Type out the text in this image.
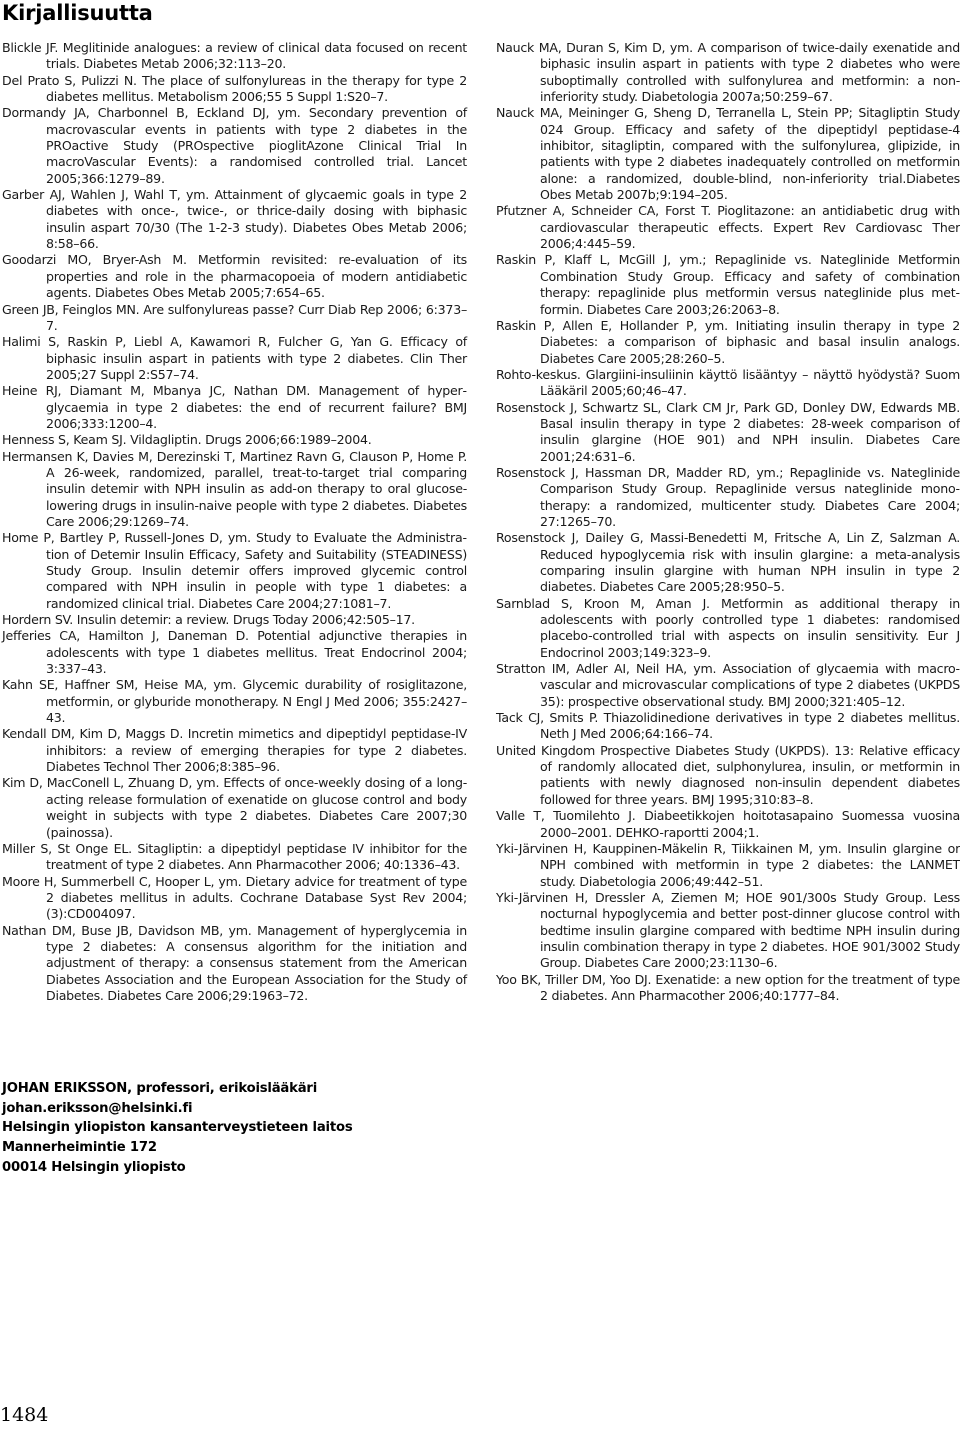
Kirjallisuutta

Blickle JF. Meglitinide analogues: a review of clinical data focused on recent trials. Diabetes Metab 2006;32:113–20.

Del Prato S, Pulizzi N. The place of sulfonylureas in the therapy for type 2 diabetes mellitus. Metabolism 2006;55 5 Suppl 1:S20–7.

Dormandy JA, Charbonnel B, Eckland DJ, ym. Secondary prevention of macrovascular events in patients with type 2 diabetes in the PROactive Study (PROspective pioglitAzone Clinical Trial In macroVascular Events): a randomised controlled trial. Lancet 2005;366:1279–89.

Garber AJ, Wahlen J, Wahl T, ym. Attainment of glycaemic goals in type 2 diabetes with once-, twice-, or thrice-daily dosing with biphasic insulin aspart 70/30 (The 1-2-3 study). Diabetes Obes Metab 2006; 8:58–66.

Goodarzi MO, Bryer-Ash M. Metformin revisited: re-evaluation of its properties and role in the pharmacopoeia of modern antidiabetic agents. Diabetes Obes Metab 2005;7:654–65.

Green JB, Feinglos MN. Are sulfonylureas passe? Curr Diab Rep 2006; 6:373–7.

Halimi S, Raskin P, Liebl A, Kawamori R, Fulcher G, Yan G. Efficacy of biphasic insulin aspart in patients with type 2 diabetes. Clin Ther 2005;27 Suppl 2:S57–74.

Heine RJ, Diamant M, Mbanya JC, Nathan DM. Management of hyperglycaemia in type 2 diabetes: the end of recurrent failure? BMJ 2006;333:1200–4.

Henness S, Keam SJ. Vildagliptin. Drugs 2006;66:1989–2004.

Hermansen K, Davies M, Derezinski T, Martinez Ravn G, Clauson P, Home P. A 26-week, randomized, parallel, treat-to-target trial comparing insulin detemir with NPH insulin as add-on therapy to oral glucose-lowering drugs in insulin-naive people with type 2 diabetes. Diabetes Care 2006;29:1269–74.

Home P, Bartley P, Russell-Jones D, ym. Study to Evaluate the Administration of Detemir Insulin Efficacy, Safety and Suitability (STEADINESS) Study Group. Insulin detemir offers improved glycemic control compared with NPH insulin in people with type 1 diabetes: a randomized clinical trial. Diabetes Care 2004;27:1081–7.

Hordern SV. Insulin detemir: a review. Drugs Today 2006;42:505–17.

Jefferies CA, Hamilton J, Daneman D. Potential adjunctive therapies in adolescents with type 1 diabetes mellitus. Treat Endocrinol 2004; 3:337–43.

Kahn SE, Haffner SM, Heise MA, ym. Glycemic durability of rosiglitazone, metformin, or glyburide monotherapy. N Engl J Med 2006; 355:2427–43.

Kendall DM, Kim D, Maggs D. Incretin mimetics and dipeptidyl peptidase-IV inhibitors: a review of emerging therapies for type 2 diabetes. Diabetes Technol Ther 2006;8:385–96.

Kim D, MacConell L, Zhuang D, ym. Effects of once-weekly dosing of a long-acting release formulation of exenatide on glucose control and body weight in subjects with type 2 diabetes. Diabetes Care 2007;30 (painossa).

Miller S, St Onge EL. Sitagliptin: a dipeptidyl peptidase IV inhibitor for the treatment of type 2 diabetes. Ann Pharmacother 2006; 40:1336–43.

Moore H, Summerbell C, Hooper L, ym. Dietary advice for treatment of type 2 diabetes mellitus in adults. Cochrane Database Syst Rev 2004;(3):CD004097.

Nathan DM, Buse JB, Davidson MB, ym. Management of hyperglycemia in type 2 diabetes: A consensus algorithm for the initiation and adjustment of therapy: a consensus statement from the American Diabetes Association and the European Association for the Study of Diabetes. Diabetes Care 2006;29:1963–72.

Nauck MA, Duran S, Kim D, ym. A comparison of twice-daily exenatide and biphasic insulin aspart in patients with type 2 diabetes who were suboptimally controlled with sulfonylurea and metformin: a non-inferiority study. Diabetologia 2007a;50:259–67.

Nauck MA, Meininger G, Sheng D, Terranella L, Stein PP; Sitagliptin Study 024 Group. Efficacy and safety of the dipeptidyl peptidase-4 inhibitor, sitagliptin, compared with the sulfonylurea, glipizide, in patients with type 2 diabetes inadequately controlled on metformin alone: a randomized, double-blind, non-inferiority trial.Diabetes Obes Metab 2007b;9:194–205.

Pfutzner A, Schneider CA, Forst T. Pioglitazone: an antidiabetic drug with cardiovascular therapeutic effects. Expert Rev Cardiovasc Ther 2006;4:445–59.

Raskin P, Klaff L, McGill J, ym.; Repaglinide vs. Nateglinide Metformin Combination Study Group. Efficacy and safety of combination therapy: repaglinide plus metformin versus nateglinide plus metformin. Diabetes Care 2003;26:2063–8.

Raskin P, Allen E, Hollander P, ym. Initiating insulin therapy in type 2 Diabetes: a comparison of biphasic and basal insulin analogs. Diabetes Care 2005;28:260–5.

Rohto-keskus. Glargiini-insuliinin käyttö lisääntyy – näyttö hyödystä? Suom Lääkäril 2005;60;46–47.

Rosenstock J, Schwartz SL, Clark CM Jr, Park GD, Donley DW, Edwards MB. Basal insulin therapy in type 2 diabetes: 28-week comparison of insulin glargine (HOE 901) and NPH insulin. Diabetes Care 2001;24:631–6.

Rosenstock J, Hassman DR, Madder RD, ym.; Repaglinide vs. Nateglinide Comparison Study Group. Repaglinide versus nateglinide monotherapy: a randomized, multicenter study. Diabetes Care 2004; 27:1265–70.

Rosenstock J, Dailey G, Massi-Benedetti M, Fritsche A, Lin Z, Salzman A. Reduced hypoglycemia risk with insulin glargine: a meta-analysis comparing insulin glargine with human NPH insulin in type 2 diabetes. Diabetes Care 2005;28:950–5.

Sarnblad S, Kroon M, Aman J. Metformin as additional therapy in adolescents with poorly controlled type 1 diabetes: randomised placebo-controlled trial with aspects on insulin sensitivity. Eur J Endocrinol 2003;149:323–9.

Stratton IM, Adler AI, Neil HA, ym. Association of glycaemia with macrovascular and microvascular complications of type 2 diabetes (UKPDS 35): prospective observational study. BMJ 2000;321:405–12.

Tack CJ, Smits P. Thiazolidinedione derivatives in type 2 diabetes mellitus. Neth J Med 2006;64:166–74.

United Kingdom Prospective Diabetes Study (UKPDS). 13: Relative efficacy of randomly allocated diet, sulphonylurea, insulin, or metformin in patients with newly diagnosed non-insulin dependent diabetes followed for three years. BMJ 1995;310:83–8.

Valle T, Tuomilehto J. Diabeetikkojen hoitotasapaino Suomessa vuosina 2000–2001. DEHKO-raportti 2004;1.

Yki-Järvinen H, Kauppinen-Mäkelin R, Tiikkainen M, ym. Insulin glargine or NPH combined with metformin in type 2 diabetes: the LANMET study. Diabetologia 2006;49:442–51.

Yki-Järvinen H, Dressler A, Ziemen M; HOE 901/300s Study Group. Less nocturnal hypoglycemia and better post-dinner glucose control with bedtime insulin glargine compared with bedtime NPH insulin during insulin combination therapy in type 2 diabetes. HOE 901/3002 Study Group. Diabetes Care 2000;23:1130–6.

Yoo BK, Triller DM, Yoo DJ. Exenatide: a new option for the treatment of type 2 diabetes. Ann Pharmacother 2006;40:1777–84.

JOHAN ERIKSSON, professori, erikoislääkäri
johan.eriksson@helsinki.fi
Helsingin yliopiston kansanterveystieteen laitos
Mannerheimintie 172
00014 Helsingin yliopisto
1484
